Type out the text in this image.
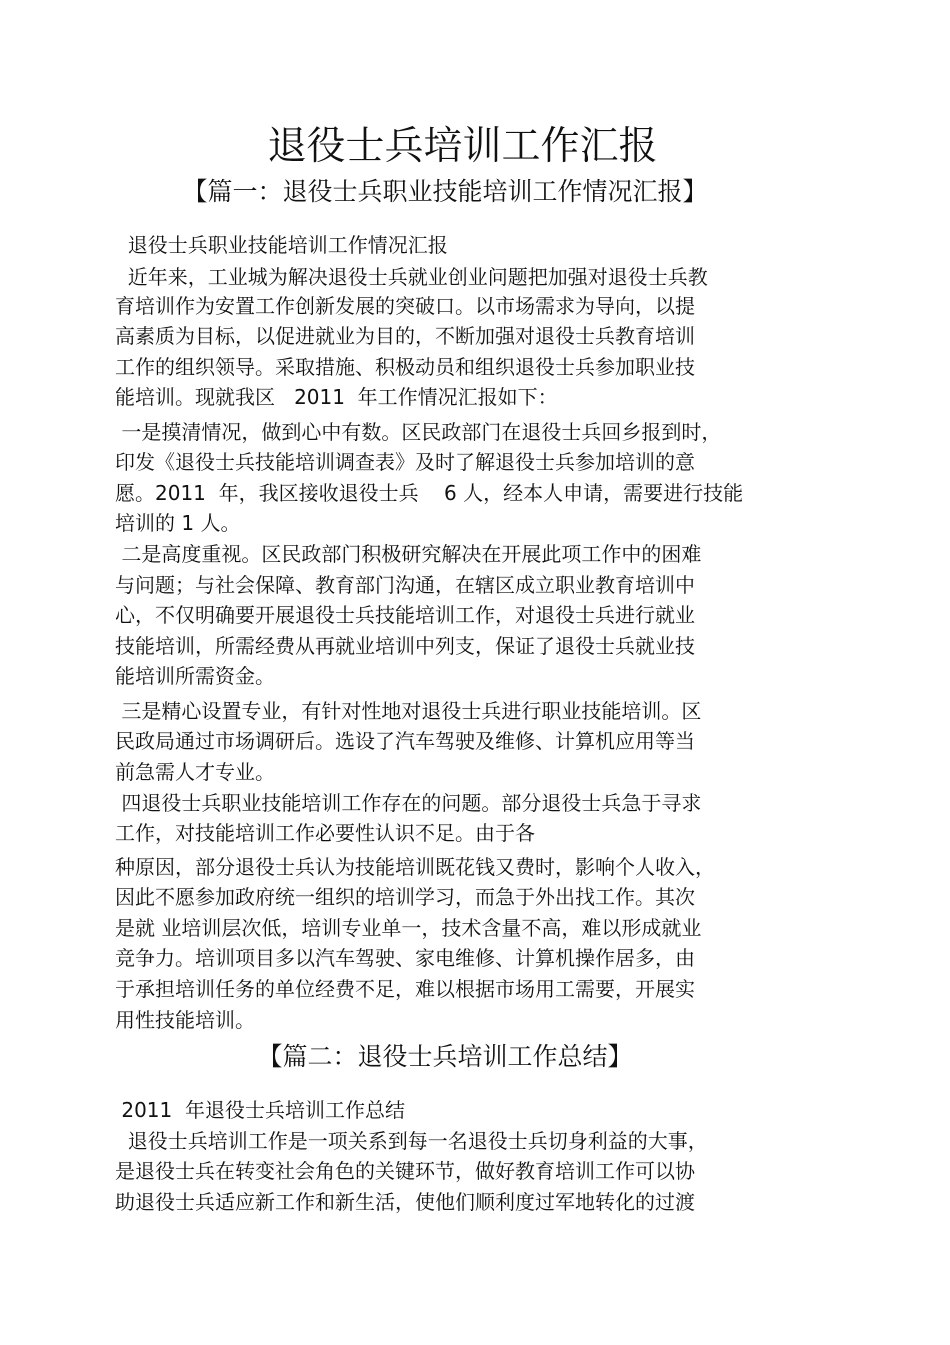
退役士兵培训工作汇报
【篇一：退役士兵职业技能培训工作情况汇报】

退役士兵职业技能培训工作情况汇报

近年来，工业城为解决退役士兵就业创业问题把加强对退役士兵教

育培训作为安置工作创新发展的突破口。以市场需求为导向，以提

高素质为目标，以促进就业为目的，不断加强对退役士兵教育培训

工作的组织领导。采取措施、积极动员和组织退役士兵参加职业技

能培训。现就我区   2011  年工作情况汇报如下：

一是摸清情况，做到心中有数。区民政部门在退役士兵回乡报到时，

印发《退役士兵技能培训调查表》及时了解退役士兵参加培训的意

愿。2011  年，我区接收退役士兵    6 人，经本人申请，需要进行技能

培训的 1 人。

二是高度重视。区民政部门积极研究解决在开展此项工作中的困难

与问题；与社会保障、教育部门沟通，在辖区成立职业教育培训中

心，不仅明确要开展退役士兵技能培训工作，对退役士兵进行就业

技能培训，所需经费从再就业培训中列支，保证了退役士兵就业技

能培训所需资金。

三是精心设置专业，有针对性地对退役士兵进行职业技能培训。区

民政局通过市场调研后。选设了汽车驾驶及维修、计算机应用等当

前急需人才专业。

四退役士兵职业技能培训工作存在的问题。部分退役士兵急于寻求

工作，对技能培训工作必要性认识不足。由于各

种原因，部分退役士兵认为技能培训既花钱又费时，影响个人收入，

因此不愿参加政府统一组织的培训学习，而急于外出找工作。其次

是就 业培训层次低，培训专业单一，技术含量不高，难以形成就业

竞争力。培训项目多以汽车驾驶、家电维修、计算机操作居多，由

于承担培训任务的单位经费不足，难以根据市场用工需要，开展实

用性技能培训。

【篇二：退役士兵培训工作总结】

2011  年退役士兵培训工作总结

退役士兵培训工作是一项关系到每一名退役士兵切身利益的大事，

是退役士兵在转变社会角色的关键环节，做好教育培训工作可以协

助退役士兵适应新工作和新生活，使他们顺利度过军地转化的过渡
